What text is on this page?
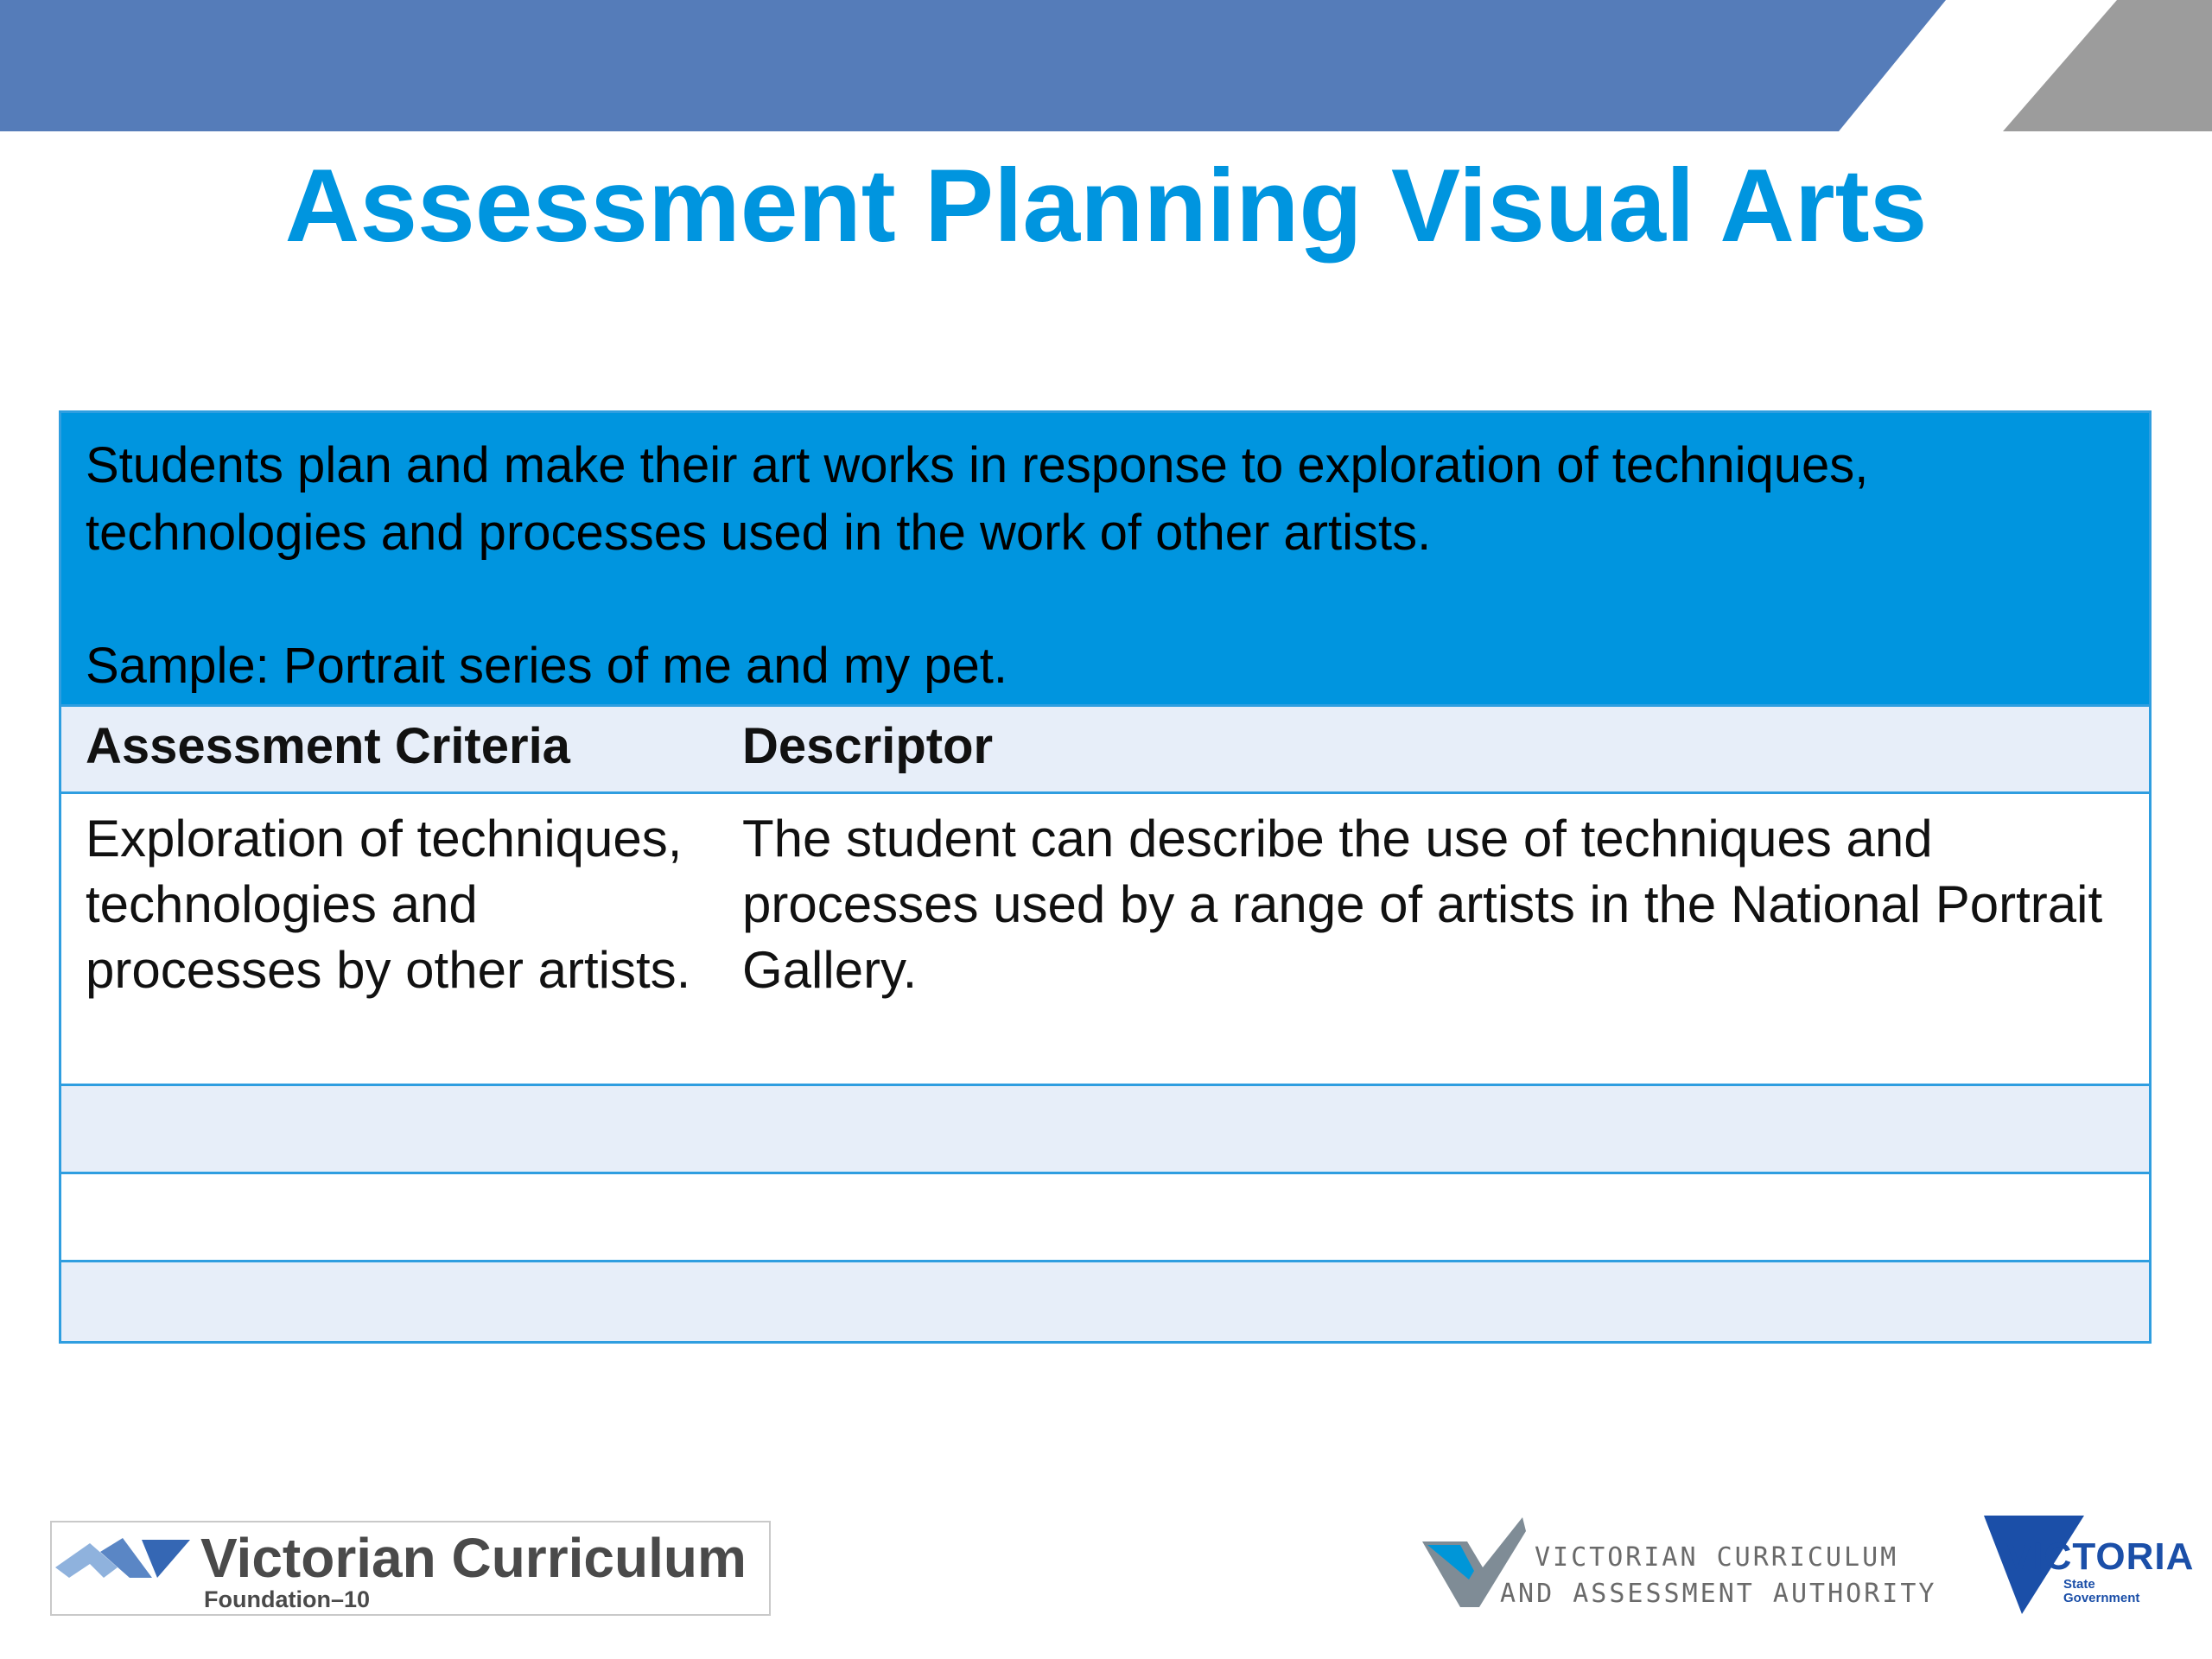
Assessment Planning Visual Arts

Students plan and make their art works in response to exploration of techniques, technologies and processes used in the work of other artists.

Sample: Portrait series of me and my pet.

Assessment Criteria	Descriptor
Exploration of techniques, technologies and processes by other artists.
The student can describe the use of techniques and processes used by a range of artists in the National Portrait Gallery.
Victorian Curriculum
Foundation–10
VICTORIAN CURRICULUM
AND ASSESSMENT AUTHORITY
VICTORIA
State
Government
